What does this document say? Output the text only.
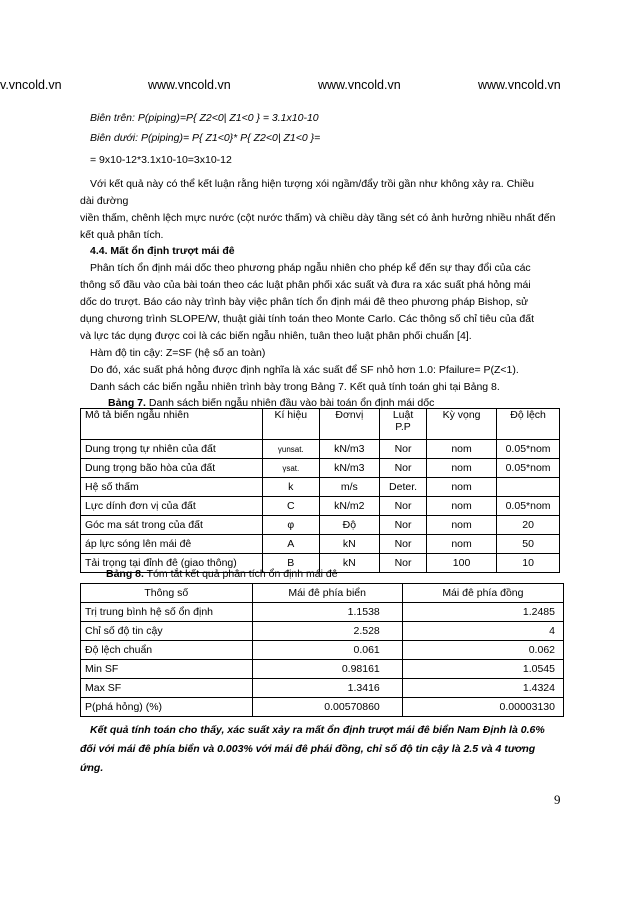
v.vncold.vn	www.vncold.vn	www.vncold.vn	www.vncold.vn
Biên trên: P(piping)=P{ Z2<0| Z1<0 } = 3.1x10-10
Biên dưới: P(piping)= P{ Z1<0}* P{ Z2<0| Z1<0 }=
= 9x10-12*3.1x10-10=3x10-12
Với kết quả này có thể kết luận rằng hiện tượng xói ngầm/đẩy trồi gần như không xảy ra. Chiều
dài đường
viền thấm, chênh lệch mực nước (cột nước thấm) và chiều dày tầng sét có ảnh hưởng nhiều nhất đến
kết quả phân tích.
4.4. Mất ổn định trượt mái đê
Phân tích ổn định mái dốc theo phương pháp ngẫu nhiên cho phép kể đến sự thay đổi của các
thông số đầu vào của bài toán theo các luật phân phối xác suất và đưa ra xác suất phá hỏng mái
dốc do trượt. Báo cáo này trình bày việc phân tích ổn định mái đê theo phương pháp Bishop, sử
dụng chương trình SLOPE/W, thuật giải tính toán theo Monte Carlo. Các thông số chỉ tiêu của đất
và lực tác dụng được coi là các biến ngẫu nhiên, tuân theo luật phân phối chuẩn [4].
Hàm độ tin cậy: Z=SF (hệ số an toàn)
Do đó, xác suất phá hỏng được định nghĩa là xác suất để SF nhỏ hơn 1.0: Pfailure= P(Z<1).
Danh sách các biến ngẫu nhiên trình bày trong Bảng 7. Kết quả tính toán ghi tại Bảng 8.
Bảng 7. Danh sách biến ngẫu nhiên đầu vào bài toán ổn định mái dốc
Mô tả biến ngẫu nhiên	Kí hiệu	Đơnvị	Luật P.P	Kỳ vọng	Độ lệch
Dung trọng tự nhiên của đất	γunsat.	kN/m3	Nor	nom	0.05*nom
Dung trọng bão hòa của đất	γsat.	kN/m3	Nor	nom	0.05*nom
Hệ số thấm	k	m/s	Deter.	nom	
Lực dính đơn vị của đất	C	kN/m2	Nor	nom	0.05*nom
Góc ma sát trong của đất	φ	Độ	Nor	nom	20
áp lực sóng lên mái đê	A	kN	Nor	nom	50
Tải trọng tại đỉnh đê (giao thông)	B	kN	Nor	100	10
Bảng 8. Tóm tắt kết quả phân tích ổn định mái đê
Thông số	Mái đê phía biển	Mái đê phía đồng
Trị trung bình hệ số ổn định	1.1538	1.2485
Chỉ số độ tin cậy	2.528	4
Độ lệch chuẩn	0.061	0.062
Min SF	0.98161	1.0545
Max SF	1.3416	1.4324
P(phá hỏng) (%)	0.00570860	0.00003130
Kết quả tính toán cho thấy, xác suất xảy ra mất ổn định trượt mái đê biển Nam Định là 0.6%
đối với mái đê phía biển và 0.003% với mái đê phái đồng, chỉ số độ tin cậy là 2.5 và 4 tương
ứng.
9
